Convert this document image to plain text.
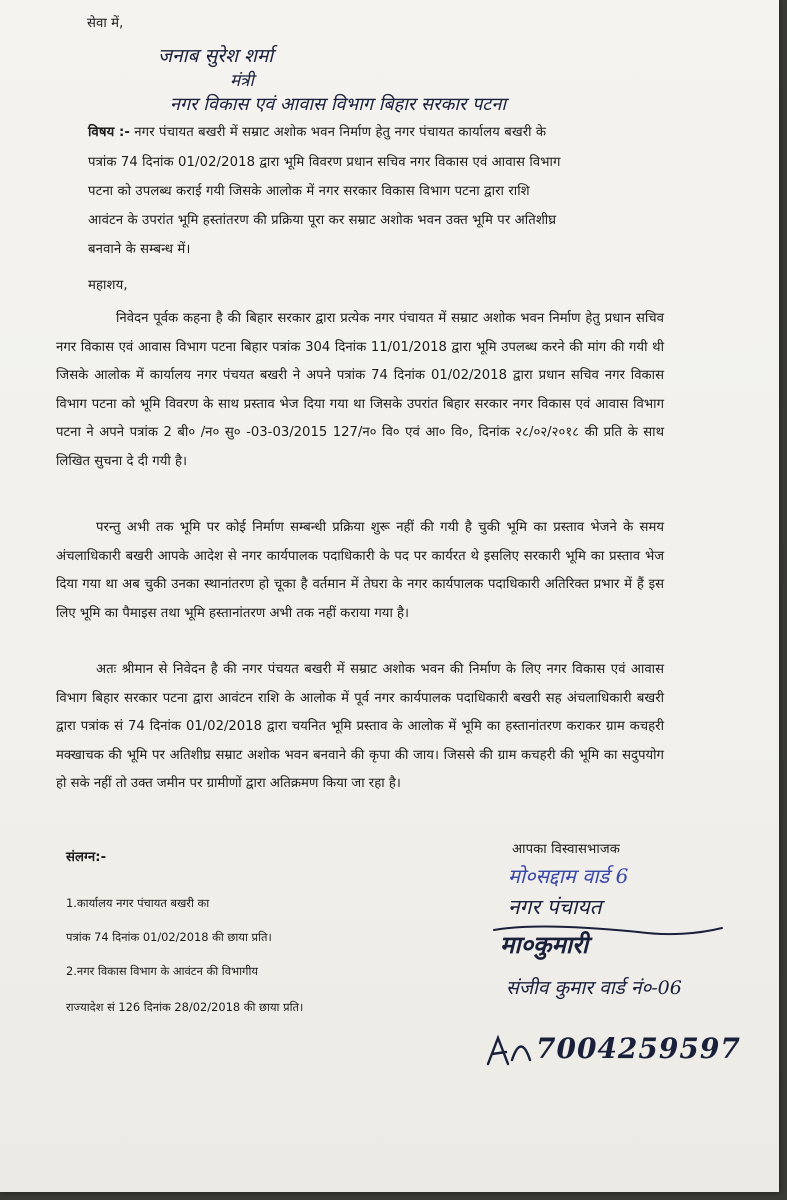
सेवा में,
जनाब सुरेश शर्मा
मंत्री
नगर विकास एवं आवास विभाग बिहार सरकार पटना
विषय :- नगर पंचायत बखरी में सम्राट अशोक भवन निर्माण हेतु नगर पंचायत कार्यालय बखरी के
पत्रांक 74 दिनांक 01/02/2018 द्वारा भूमि विवरण प्रधान सचिव नगर विकास एवं आवास विभाग
पटना को उपलब्ध कराई गयी जिसके आलोक में नगर सरकार विकास विभाग पटना द्वारा राशि
आवंटन के उपरांत भूमि हस्तांतरण की प्रक्रिया पूरा कर सम्राट अशोक भवन उक्त भूमि पर अतिशीघ्र
बनवाने के सम्बन्ध में।
महाशय,
निवेदन पूर्वक कहना है की बिहार सरकार द्वारा प्रत्येक नगर पंचायत में सम्राट अशोक भवन निर्माण हेतु प्रधान सचिव नगर विकास एवं आवास विभाग पटना बिहार पत्रांक 304 दिनांक 11/01/2018 द्वारा भूमि उपलब्ध करने की मांग की गयी थी जिसके आलोक में कार्यालय नगर पंचयत बखरी ने अपने पत्रांक 74 दिनांक 01/02/2018 द्वारा प्रधान सचिव नगर विकास विभाग पटना को भूमि विवरण के साथ प्रस्ताव भेज दिया गया था जिसके उपरांत बिहार सरकार नगर विकास एवं आवास विभाग पटना ने अपने पत्रांक 2 बी० /न० सु० -03-03/2015 127/न० वि० एवं आ० वि०, दिनांक २८/०२/२०१८ की प्रति के साथ लिखित सुचना दे दी गयी है।
परन्तु अभी तक भूमि पर कोई निर्माण सम्बन्धी प्रक्रिया शुरू नहीं की गयी है चुकी भूमि का प्रस्ताव भेजने के समय अंचलाधिकारी बखरी आपके आदेश से नगर कार्यपालक पदाधिकारी के पद पर कार्यरत थे इसलिए सरकारी भूमि का प्रस्ताव भेज दिया गया था अब चुकी उनका स्थानांतरण हो चूका है वर्तमान में तेघरा के नगर कार्यपालक पदाधिकारी अतिरिक्त प्रभार में हैं इस लिए भूमि का पैमाइस तथा भूमि हस्तानांतरण अभी तक नहीं कराया गया है।
अतः श्रीमान से निवेदन है की नगर पंचयत बखरी में सम्राट अशोक भवन की निर्माण के लिए नगर विकास एवं आवास विभाग बिहार सरकार पटना द्वारा आवंटन राशि के आलोक में पूर्व नगर कार्यपालक पदाधिकारी बखरी सह अंचलाधिकारी बखरी द्वारा पत्रांक सं 74 दिनांक 01/02/2018 द्वारा चयनित भूमि प्रस्ताव के आलोक में भूमि का हस्तानांतरण कराकर ग्राम कचहरी मक्खाचक की भूमि पर अतिशीघ्र सम्राट अशोक भवन बनवाने की कृपा की जाय। जिससे की ग्राम कचहरी की भूमि का सदुपयोग हो सके नहीं तो उक्त जमीन पर ग्रामीणों द्वारा अतिक्रमण किया जा रहा है।
संलग्न:-
1.कार्यालय नगर पंचायत बखरी का
पत्रांक 74 दिनांक 01/02/2018 की छाया प्रति।
2.नगर विकास विभाग के आवंटन की विभागीय
राज्यादेश सं 126 दिनांक 28/02/2018 की छाया प्रति।
आपका विस्वासभाजक
मो०सद्दाम वार्ड 6
नगर पंचायत
मा०कुमारी
संजीव कुमार वार्ड नं०-06
7004259597
